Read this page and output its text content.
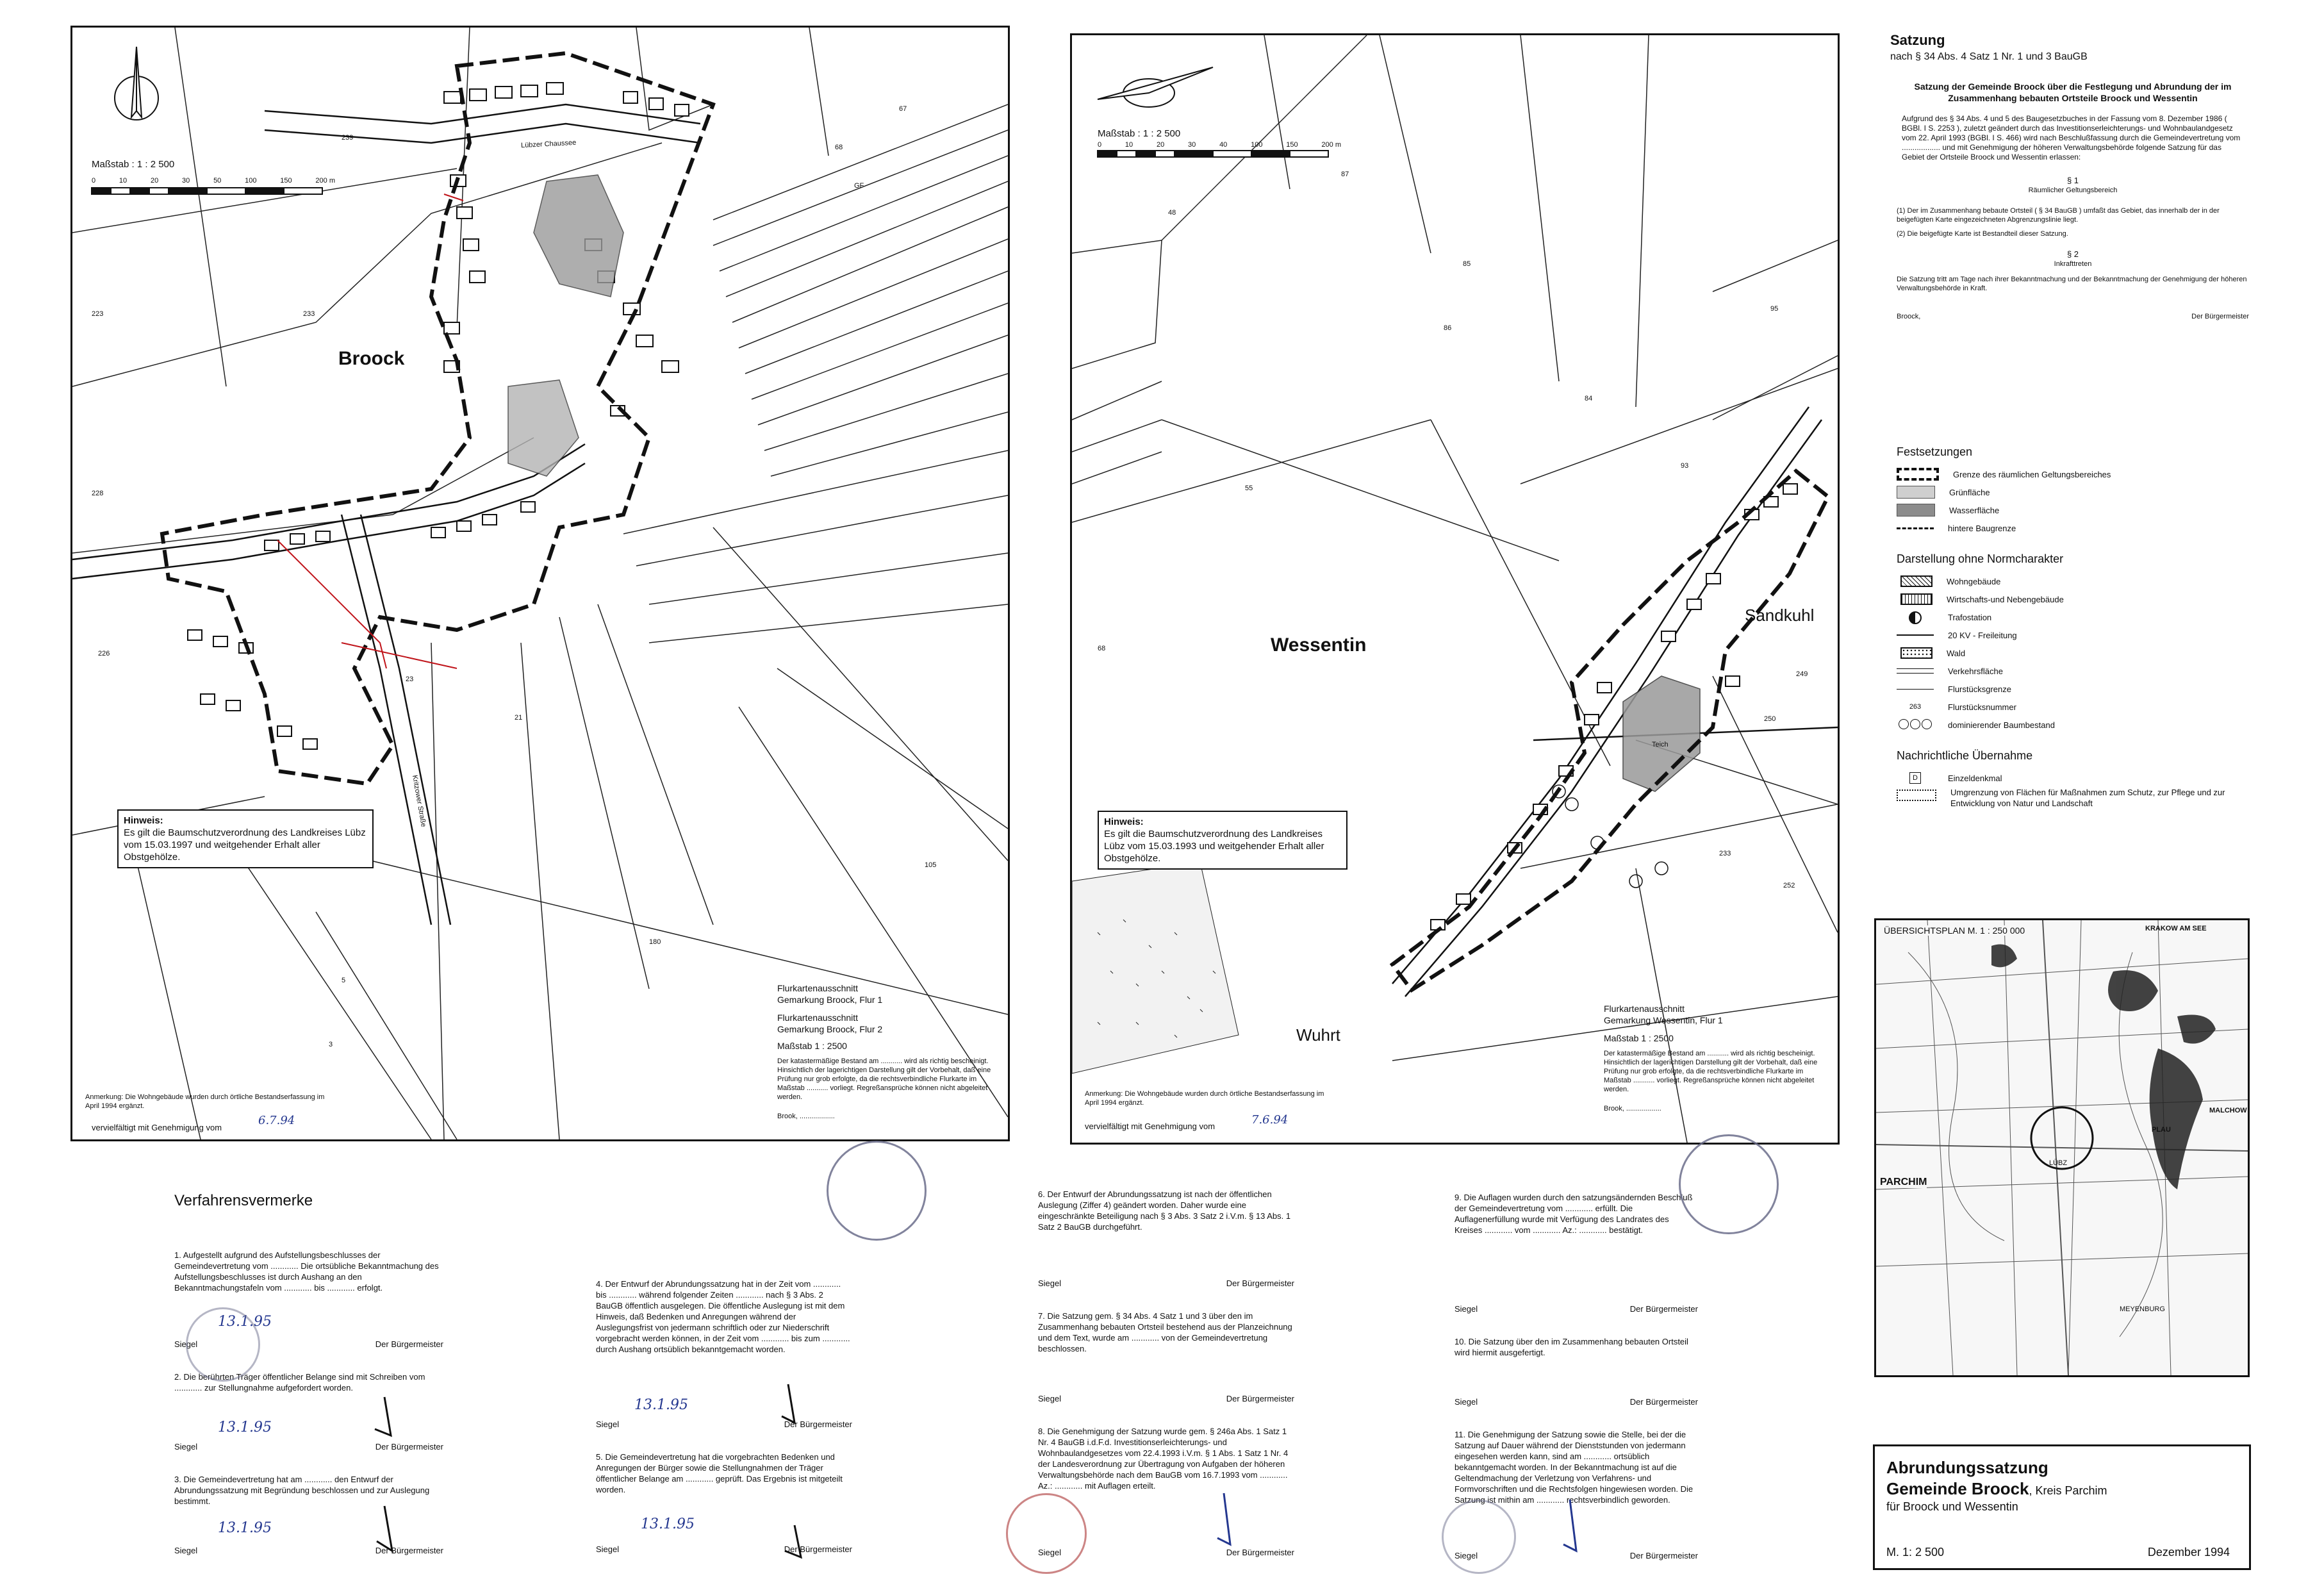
Maßstab : 1 : 2 500
0	10	20	30	50	100	150	200 m
Broock
Lübzer Chaussee
Kritzower Straße
239
233
228
226
223
21
23
67
68
GF
105
180
5
3
Hinweis:
Es gilt die Baumschutzverordnung des Landkreises Lübz vom 15.03.1997 und weitgehender Erhalt aller Obstgehölze.
Flurkartenausschnitt
Gemarkung Broock, Flur 1
Flurkartenausschnitt
Gemarkung Broock, Flur 2
Maßstab 1 : 2500
Der katastermäßige Bestand am ........... wird als richtig bescheinigt. Hinsichtlich der lagerichtigen Darstellung gilt der Vorbehalt, daß eine Prüfung nur grob erfolgte, da die rechtsverbindliche Flurkarte im Maßstab ........... vorliegt. Regreßansprüche können nicht abgeleitet werden.
Brook, ..................
Anmerkung: Die Wohngebäude wurden durch örtliche Bestandserfassung im April 1994 ergänzt.
vervielfältigt mit Genehmigung vom
6.7.94
Maßstab : 1 : 2 500
0	10	20	30	40	100	150	200 m
Wessentin
Sandkuhl
Wuhrt
Teich
48
55
68
84
85
86
87
93
95
233
249
250
252
Hinweis:
Es gilt die Baumschutzverordnung des Landkreises Lübz vom 15.03.1993 und weitgehender Erhalt aller Obstgehölze.
Flurkartenausschnitt
Gemarkung Wessentin, Flur 1
Maßstab 1 : 2500
Der katastermäßige Bestand am ........... wird als richtig bescheinigt. Hinsichtlich der lagerichtigen Darstellung gilt der Vorbehalt, daß eine Prüfung nur grob erfolgte, da die rechtsverbindliche Flurkarte im Maßstab ........... vorliegt. Regreßansprüche können nicht abgeleitet werden.
Brook, ..................
Anmerkung: Die Wohngebäude wurden durch örtliche Bestandserfassung im April 1994 ergänzt.
vervielfältigt mit Genehmigung vom	7.6.94
Satzung
nach § 34 Abs. 4 Satz 1 Nr. 1 und 3 BauGB
Satzung der Gemeinde Broock über die Festlegung und Abrundung der im Zusammenhang bebauten Ortsteile Broock und Wessentin
Aufgrund des § 34 Abs. 4 und 5 des Baugesetzbuches in der Fassung vom 8. Dezember 1986 ( BGBl. I S. 2253 ), zuletzt geändert durch das Investitionserleichterungs- und Wohnbaulandgesetz vom 22. April 1993 (BGBl. I S. 466) wird nach Beschlußfassung durch die Gemeindevertretung vom .................. und mit Genehmigung der höheren Verwaltungsbehörde folgende Satzung für das Gebiet der Ortsteile Broock und Wessentin erlassen:
§ 1
Räumlicher Geltungsbereich
(1) Der im Zusammenhang bebaute Ortsteil ( § 34 BauGB ) umfaßt das Gebiet, das innerhalb der in der beigefügten Karte eingezeichneten Abgrenzungslinie liegt.
(2) Die beigefügte Karte ist Bestandteil dieser Satzung.
§ 2
Inkrafttreten
Die Satzung tritt am Tage nach ihrer Bekanntmachung und der Bekanntmachung der Genehmigung der höheren Verwaltungsbehörde in Kraft.
Broock,	Der Bürgermeister
Festsetzungen
Grenze des räumlichen Geltungsbereiches
Grünfläche
Wasserfläche
hintere Baugrenze
Darstellung ohne Normcharakter
Wohngebäude
Wirtschafts-und Nebengebäude
Trafostation
20 KV - Freileitung
Wald
Verkehrsfläche
Flurstücksgrenze
263	Flurstücksnummer
dominierender Baumbestand
Nachrichtliche Übernahme
D	Einzeldenkmal
Umgrenzung von Flächen für Maßnahmen zum Schutz, zur Pflege und zur Entwicklung von Natur und Landschaft
ÜBERSICHTSPLAN M. 1 : 250 000	KRAKOW AM SEE
PARCHIM
LÜBZ
PLAU
MALCHOW
MEYENBURG
Abrundungssatzung
Gemeinde Broock, Kreis Parchim
für Broock und Wessentin
M. 1: 2 500	Dezember 1994
Verfahrensvermerke

1. Aufgestellt aufgrund des Aufstellungsbeschlusses der Gemeindevertretung vom ............ Die ortsübliche Bekanntmachung des Aufstellungsbeschlusses ist durch Aushang an den Bekanntmachungstafeln vom ............ bis ............ erfolgt.

13.1.95
Siegel	Der Bürgermeister

2. Die berührten Träger öffentlicher Belange sind mit Schreiben vom ............ zur Stellungnahme aufgefordert worden.

13.1.95
Siegel	Der Bürgermeister

3. Die Gemeindevertretung hat am ............ den Entwurf der Abrundungssatzung mit Begründung beschlossen und zur Auslegung bestimmt.

13.1.95
Siegel	Der Bürgermeister

4. Der Entwurf der Abrundungssatzung hat in der Zeit vom ............ bis ............ während folgender Zeiten ............ nach § 3 Abs. 2 BauGB öffentlich ausgelegen. Die öffentliche Auslegung ist mit dem Hinweis, daß Bedenken und Anregungen während der Auslegungsfrist von jedermann schriftlich oder zur Niederschrift vorgebracht werden können, in der Zeit vom ............ bis zum ............ durch Aushang ortsüblich bekanntgemacht worden.

13.1.95
Siegel	Der Bürgermeister

5. Die Gemeindevertretung hat die vorgebrachten Bedenken und Anregungen der Bürger sowie die Stellungnahmen der Träger öffentlicher Belange am ............ geprüft. Das Ergebnis ist mitgeteilt worden.

13.1.95
Siegel	Der Bürgermeister

6. Der Entwurf der Abrundungssatzung ist nach der öffentlichen Auslegung (Ziffer 4) geändert worden. Daher wurde eine eingeschränkte Beteiligung nach § 3 Abs. 3 Satz 2 i.V.m. § 13 Abs. 1 Satz 2 BauGB durchgeführt.

Siegel	Der Bürgermeister

7. Die Satzung gem. § 34 Abs. 4 Satz 1 und 3 über den im Zusammenhang bebauten Ortsteil bestehend aus der Planzeichnung und dem Text, wurde am ............ von der Gemeindevertretung beschlossen.

Siegel	Der Bürgermeister

8. Die Genehmigung der Satzung wurde gem. § 246a Abs. 1 Satz 1 Nr. 4 BauGB i.d.F.d. Investitionserleichterungs- und Wohnbaulandgesetzes vom 22.4.1993 i.V.m. § 1 Abs. 1 Satz 1 Nr. 4 der Landesverordnung zur Übertragung von Aufgaben der höheren Verwaltungsbehörde nach dem BauGB vom 16.7.1993 vom ............ Az.: ............ mit Auflagen erteilt.

Siegel	Der Bürgermeister

9. Die Auflagen wurden durch den satzungsändernden Beschluß der Gemeindevertretung vom ............ erfüllt. Die Auflagenerfüllung wurde mit Verfügung des Landrates des Kreises ............ vom ............ Az.: ............ bestätigt.

Siegel	Der Bürgermeister

10. Die Satzung über den im Zusammenhang bebauten Ortsteil wird hiermit ausgefertigt.

Siegel	Der Bürgermeister

11. Die Genehmigung der Satzung sowie die Stelle, bei der die Satzung auf Dauer während der Dienststunden von jedermann eingesehen werden kann, sind am ............ ortsüblich bekanntgemacht worden. In der Bekanntmachung ist auf die Geltendmachung der Verletzung von Verfahrens- und Formvorschriften und die Rechtsfolgen hingewiesen worden. Die Satzung ist mithin am ............ rechtsverbindlich geworden.

Siegel	Der Bürgermeister
